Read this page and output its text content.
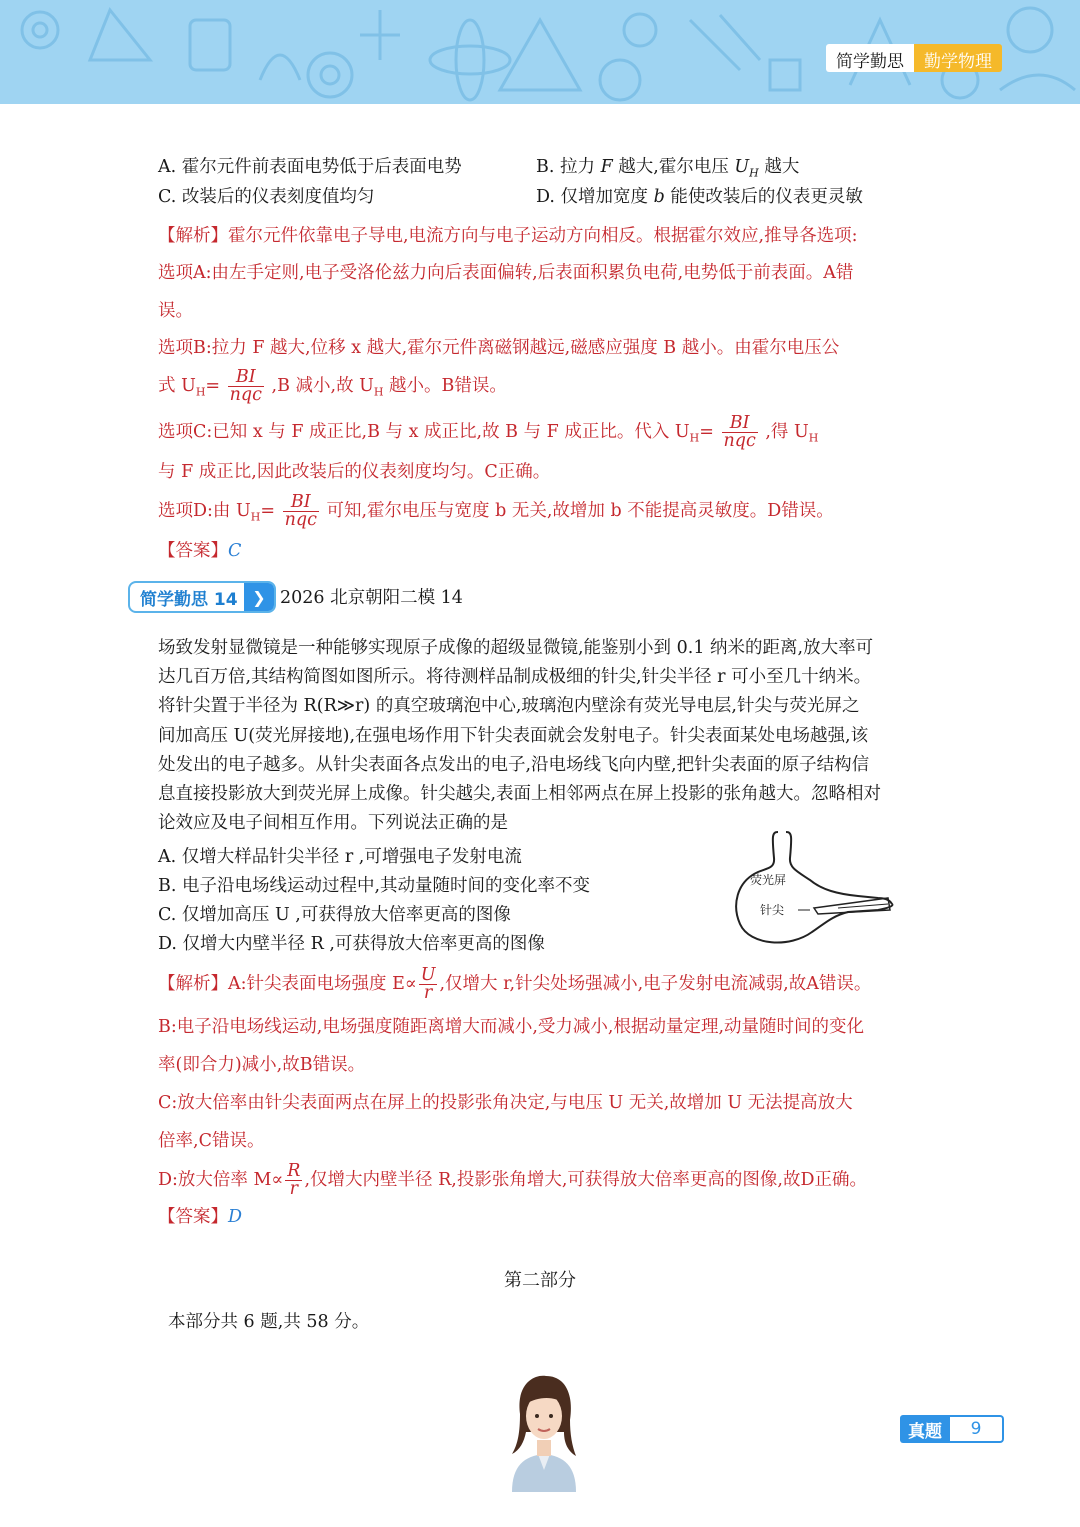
简学勤思	勤学物理
A. 霍尔元件前表面电势低于后表面电势	B. 拉力 F 越大,霍尔电压 $U_H$ 越大
C. 改装后的仪表刻度值均匀	D. 仅增加宽度 b 能使改装后的仪表更灵敏
【解析】霍尔元件依靠电子导电,电流方向与电子运动方向相反。根据霍尔效应,推导各选项:
选项A:由左手定则,电子受洛伦兹力向后表面偏转,后表面积累负电荷,电势低于前表面。A错
误。
选项B:拉力 F 越大,位移 x 越大,霍尔元件离磁钢越远,磁感应强度 B 越小。由霍尔电压公
式 $U_H= \frac{BI}{\text{nqc}} ,B$ 减小,故 $U_H$ 越小。B错误。
选项C:已知 x 与 F 成正比,B 与 x 成正比,故 B 与 F 成正比。代入 $U_H= \frac{BI}{\text{nqc}}$ ,得 $U_H$
与 F 成正比,因此改装后的仪表刻度均匀。C正确。
选项D:由 $U_H= \frac{BI}{\text{nqc}}$ 可知,霍尔电压与宽度 b 无关,故增加 b 不能提高灵敏度。D错误。
【答案】C
简学勤思 14 ❯ 2026 北京朝阳二模 14
场致发射显微镜是一种能够实现原子成像的超级显微镜,能鉴别小到 0.1 纳米的距离,放大率可
达几百万倍,其结构简图如图所示。将待测样品制成极细的针尖,针尖半径 r 可小至几十纳米。
将针尖置于半径为 R(R≫r) 的真空玻璃泡中心,玻璃泡内壁涂有荧光导电层,针尖与荧光屏之
间加高压 U(荧光屏接地),在强电场作用下针尖表面就会发射电子。针尖表面某处电场越强,该
处发出的电子越多。从针尖表面各点发出的电子,沿电场线飞向内壁,把针尖表面的原子结构信
息直接投影放大到荧光屏上成像。针尖越尖,表面上相邻两点在屏上投影的张角越大。忽略相对
论效应及电子间相互作用。下列说法正确的是
A. 仅增大样品针尖半径 r ,可增强电子发射电流
B. 电子沿电场线运动过程中,其动量随时间的变化率不变
C. 仅增加高压 U ,可获得放大倍率更高的图像
D. 仅增大内壁半径 R ,可获得放大倍率更高的图像
荧光屏
针尖
【解析】A:针尖表面电场强度 $E\propto \frac{U}{r}$ ,仅增大 r,针尖处场强减小,电子发射电流减弱,故A错误。
B:电子沿电场线运动,电场强度随距离增大而减小,受力减小,根据动量定理,动量随时间的变化
率(即合力)减小,故B错误。
C:放大倍率由针尖表面两点在屏上的投影张角决定,与电压 U 无关,故增加 U 无法提高放大
倍率,C错误。
D:放大倍率 $M\propto \frac{R}{r}$ ,仅增大内壁半径 R,投影张角增大,可获得放大倍率更高的图像,故D正确。
【答案】D
第二部分
本部分共 6 题,共 58 分。
真题	9
